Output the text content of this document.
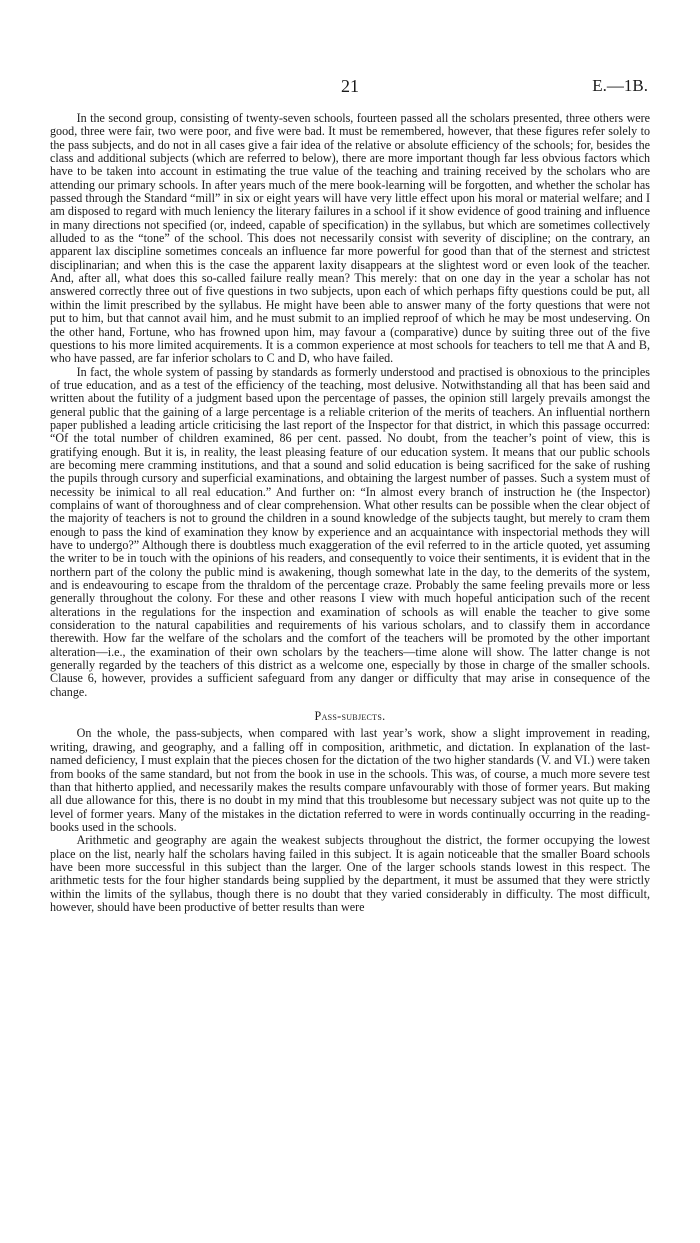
21	E.—1B.

In the second group, consisting of twenty-seven schools, fourteen passed all the scholars presented, three others were good, three were fair, two were poor, and five were bad. It must be remembered, however, that these figures refer solely to the pass subjects, and do not in all cases give a fair idea of the relative or absolute efficiency of the schools; for, besides the class and additional subjects (which are referred to below), there are more important though far less obvious factors which have to be taken into account in estimating the true value of the teaching and training received by the scholars who are attending our primary schools. In after years much of the mere book-learning will be forgotten, and whether the scholar has passed through the Standard “mill” in six or eight years will have very little effect upon his moral or material welfare; and I am disposed to regard with much leniency the literary failures in a school if it show evidence of good training and influence in many directions not specified (or, indeed, capable of specification) in the syllabus, but which are sometimes collectively alluded to as the “tone” of the school. This does not necessarily consist with severity of discipline; on the contrary, an apparent lax discipline sometimes conceals an influence far more powerful for good than that of the sternest and strictest disciplinarian; and when this is the case the apparent laxity disappears at the slightest word or even look of the teacher. And, after all, what does this so-called failure really mean? This merely: that on one day in the year a scholar has not answered correctly three out of five questions in two subjects, upon each of which perhaps fifty questions could be put, all within the limit prescribed by the syllabus. He might have been able to answer many of the forty questions that were not put to him, but that cannot avail him, and he must submit to an implied reproof of which he may be most undeserving. On the other hand, Fortune, who has frowned upon him, may favour a (comparative) dunce by suiting three out of the five questions to his more limited acquirements. It is a common experience at most schools for teachers to tell me that A and B, who have passed, are far inferior scholars to C and D, who have failed.

In fact, the whole system of passing by standards as formerly understood and practised is obnoxious to the principles of true education, and as a test of the efficiency of the teaching, most delusive. Notwithstanding all that has been said and written about the futility of a judgment based upon the percentage of passes, the opinion still largely prevails amongst the general public that the gaining of a large percentage is a reliable criterion of the merits of teachers. An influential northern paper published a leading article criticising the last report of the Inspector for that district, in which this passage occurred: “Of the total number of children examined, 86 per cent. passed. No doubt, from the teacher’s point of view, this is gratifying enough. But it is, in reality, the least pleasing feature of our education system. It means that our public schools are becoming mere cramming institutions, and that a sound and solid education is being sacrificed for the sake of rushing the pupils through cursory and superficial examinations, and obtaining the largest number of passes. Such a system must of necessity be inimical to all real education.” And further on: “In almost every branch of instruction he (the Inspector) complains of want of thoroughness and of clear comprehension. What other results can be possible when the clear object of the majority of teachers is not to ground the children in a sound knowledge of the subjects taught, but merely to cram them enough to pass the kind of examination they know by experience and an acquaintance with inspectorial methods they will have to undergo?” Although there is doubtless much exaggeration of the evil referred to in the article quoted, yet assuming the writer to be in touch with the opinions of his readers, and consequently to voice their sentiments, it is evident that in the northern part of the colony the public mind is awakening, though somewhat late in the day, to the demerits of the system, and is endeavouring to escape from the thraldom of the percentage craze. Probably the same feeling prevails more or less generally throughout the colony. For these and other reasons I view with much hopeful anticipation such of the recent alterations in the regulations for the inspection and examination of schools as will enable the teacher to give some consideration to the natural capabilities and requirements of his various scholars, and to classify them in accordance therewith. How far the welfare of the scholars and the comfort of the teachers will be promoted by the other important alteration—i.e., the examination of their own scholars by the teachers—time alone will show. The latter change is not generally regarded by the teachers of this district as a welcome one, especially by those in charge of the smaller schools. Clause 6, however, provides a sufficient safeguard from any danger or difficulty that may arise in consequence of the change.

Pass-subjects.

On the whole, the pass-subjects, when compared with last year’s work, show a slight improvement in reading, writing, drawing, and geography, and a falling off in composition, arithmetic, and dictation. In explanation of the last-named deficiency, I must explain that the pieces chosen for the dictation of the two higher standards (V. and VI.) were taken from books of the same standard, but not from the book in use in the schools. This was, of course, a much more severe test than that hitherto applied, and necessarily makes the results compare unfavourably with those of former years. But making all due allowance for this, there is no doubt in my mind that this troublesome but necessary subject was not quite up to the level of former years. Many of the mistakes in the dictation referred to were in words continually occurring in the reading-books used in the schools.

Arithmetic and geography are again the weakest subjects throughout the district, the former occupying the lowest place on the list, nearly half the scholars having failed in this subject. It is again noticeable that the smaller Board schools have been more successful in this subject than the larger. One of the larger schools stands lowest in this respect. The arithmetic tests for the four higher standards being supplied by the department, it must be assumed that they were strictly within the limits of the syllabus, though there is no doubt that they varied considerably in difficulty. The most difficult, however, should have been productive of better results than were
